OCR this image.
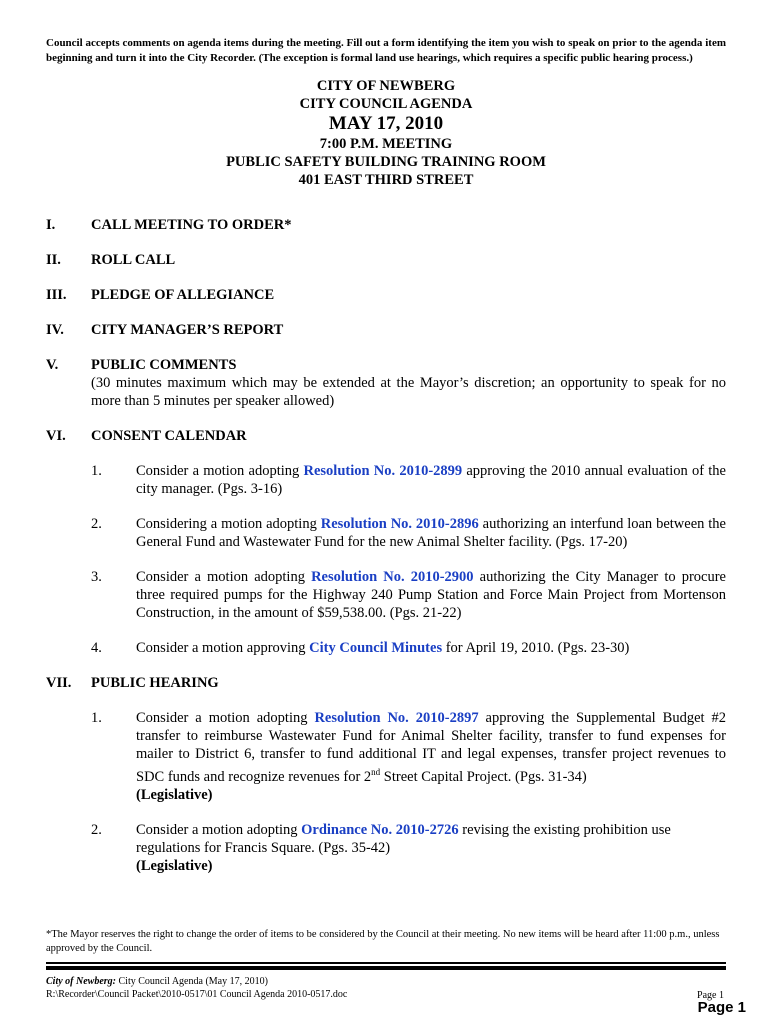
Council accepts comments on agenda items during the meeting. Fill out a form identifying the item you wish to speak on prior to the agenda item beginning and turn it into the City Recorder. (The exception is formal land use hearings, which requires a specific public hearing process.)

CITY OF NEWBERG
CITY COUNCIL AGENDA
MAY 17, 2010
7:00 P.M. MEETING
PUBLIC SAFETY BUILDING TRAINING ROOM
401 EAST THIRD STREET
I. CALL MEETING TO ORDER*
II. ROLL CALL
III. PLEDGE OF ALLEGIANCE
IV. CITY MANAGER’S REPORT
V. PUBLIC COMMENTS
(30 minutes maximum which may be extended at the Mayor’s discretion; an opportunity to speak for no more than 5 minutes per speaker allowed)
VI. CONSENT CALENDAR
1. Consider a motion adopting Resolution No. 2010-2899 approving the 2010 annual evaluation of the city manager. (Pgs. 3-16)
2. Considering a motion adopting Resolution No. 2010-2896 authorizing an interfund loan between the General Fund and Wastewater Fund for the new Animal Shelter facility. (Pgs. 17-20)
3. Consider a motion adopting Resolution No. 2010-2900 authorizing the City Manager to procure three required pumps for the Highway 240 Pump Station and Force Main Project from Mortenson Construction, in the amount of $59,538.00. (Pgs. 21-22)
4. Consider a motion approving City Council Minutes for April 19, 2010. (Pgs. 23-30)
VII. PUBLIC HEARING
1. Consider a motion adopting Resolution No. 2010-2897 approving the Supplemental Budget #2 transfer to reimburse Wastewater Fund for Animal Shelter facility, transfer to fund expenses for mailer to District 6, transfer to fund additional IT and legal expenses, transfer project revenues to SDC funds and recognize revenues for 2nd Street Capital Project. (Pgs. 31-34)
(Legislative)
2. Consider a motion adopting Ordinance No. 2010-2726 revising the existing prohibition use regulations for Francis Square. (Pgs. 35-42)
(Legislative)

*The Mayor reserves the right to change the order of items to be considered by the Council at their meeting. No new items will be heard after 11:00 p.m., unless approved by the Council.

City of Newberg: City Council Agenda (May 17, 2010)
R:\Recorder\Council Packet\2010-0517\01 Council Agenda 2010-0517.doc	Page 1
Page 1
